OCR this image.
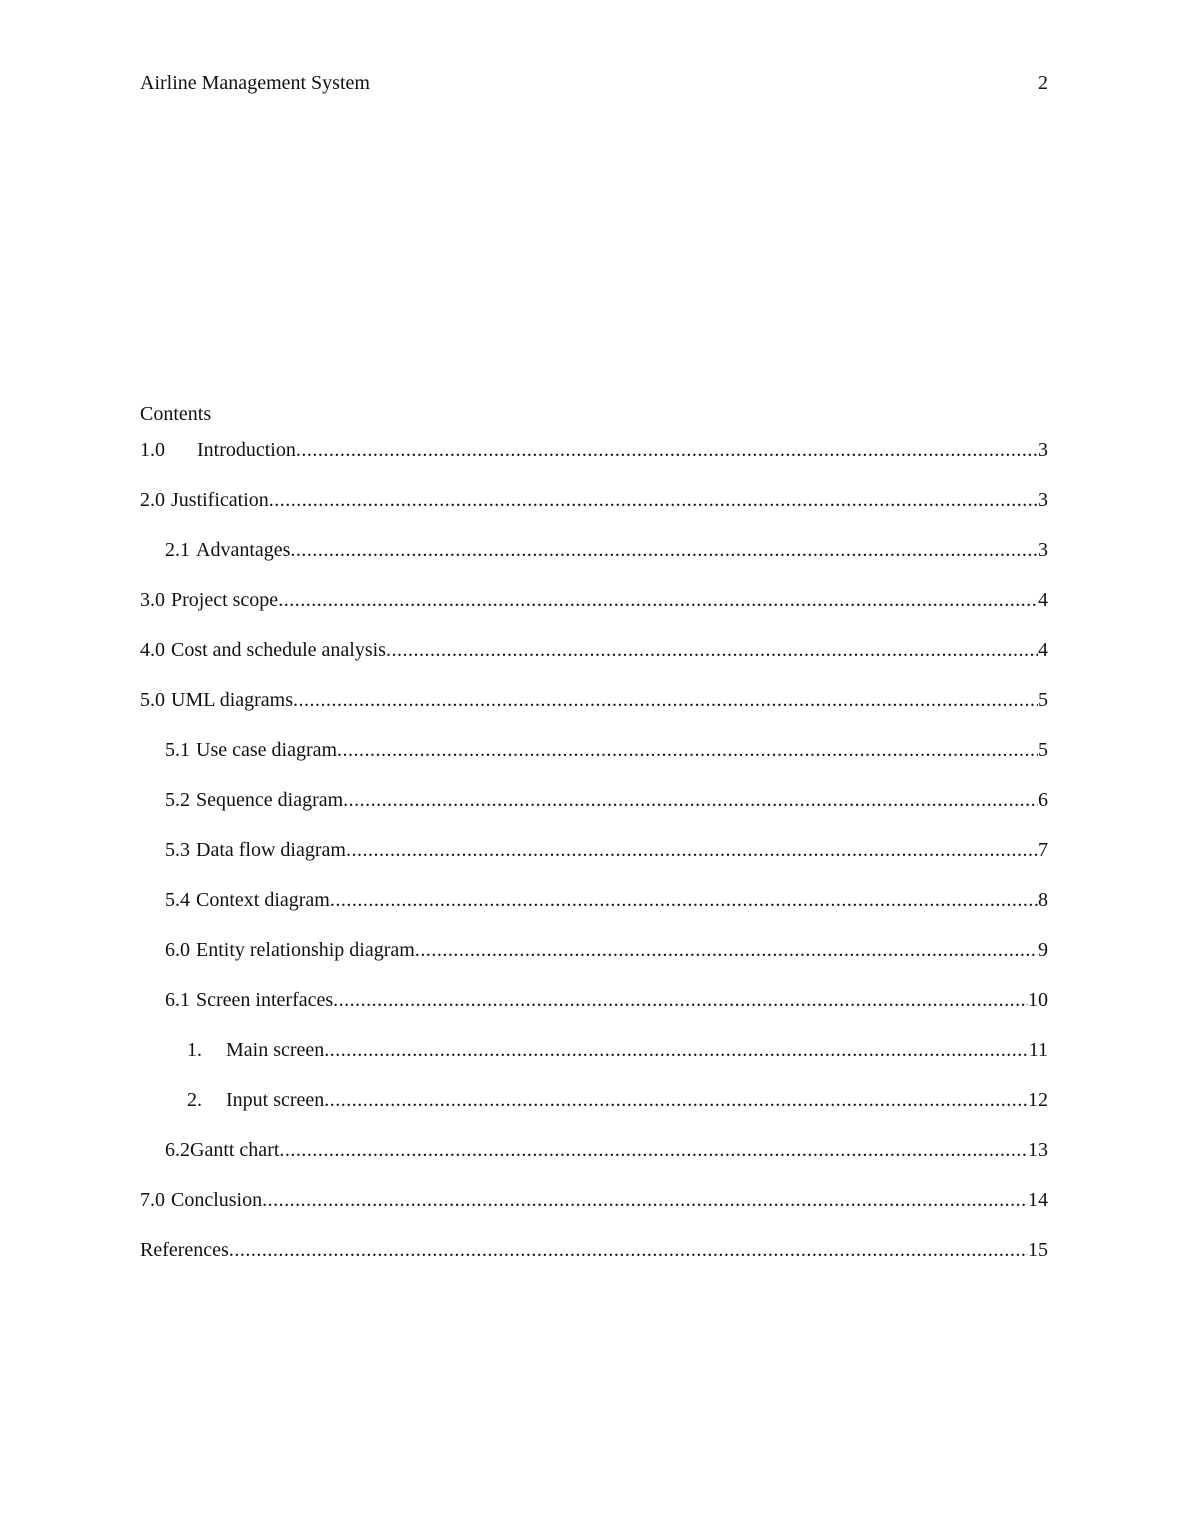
Airline Management System	2
Contents
1.0 Introduction .....	3
2.0 Justification .....	3
2.1 Advantages .....	3
3.0 Project scope .....	4
4.0 Cost and schedule analysis .....	4
5.0 UML diagrams .....	5
5.1 Use case diagram .....	5
5.2 Sequence diagram .....	6
5.3 Data flow diagram .....	7
5.4 Context diagram .....	8
6.0 Entity relationship diagram .....	9
6.1 Screen interfaces .....	10
1. Main screen .....	11
2. Input screen .....	12
6.2 Gantt chart .....	13
7.0 Conclusion .....	14
References .....	15
